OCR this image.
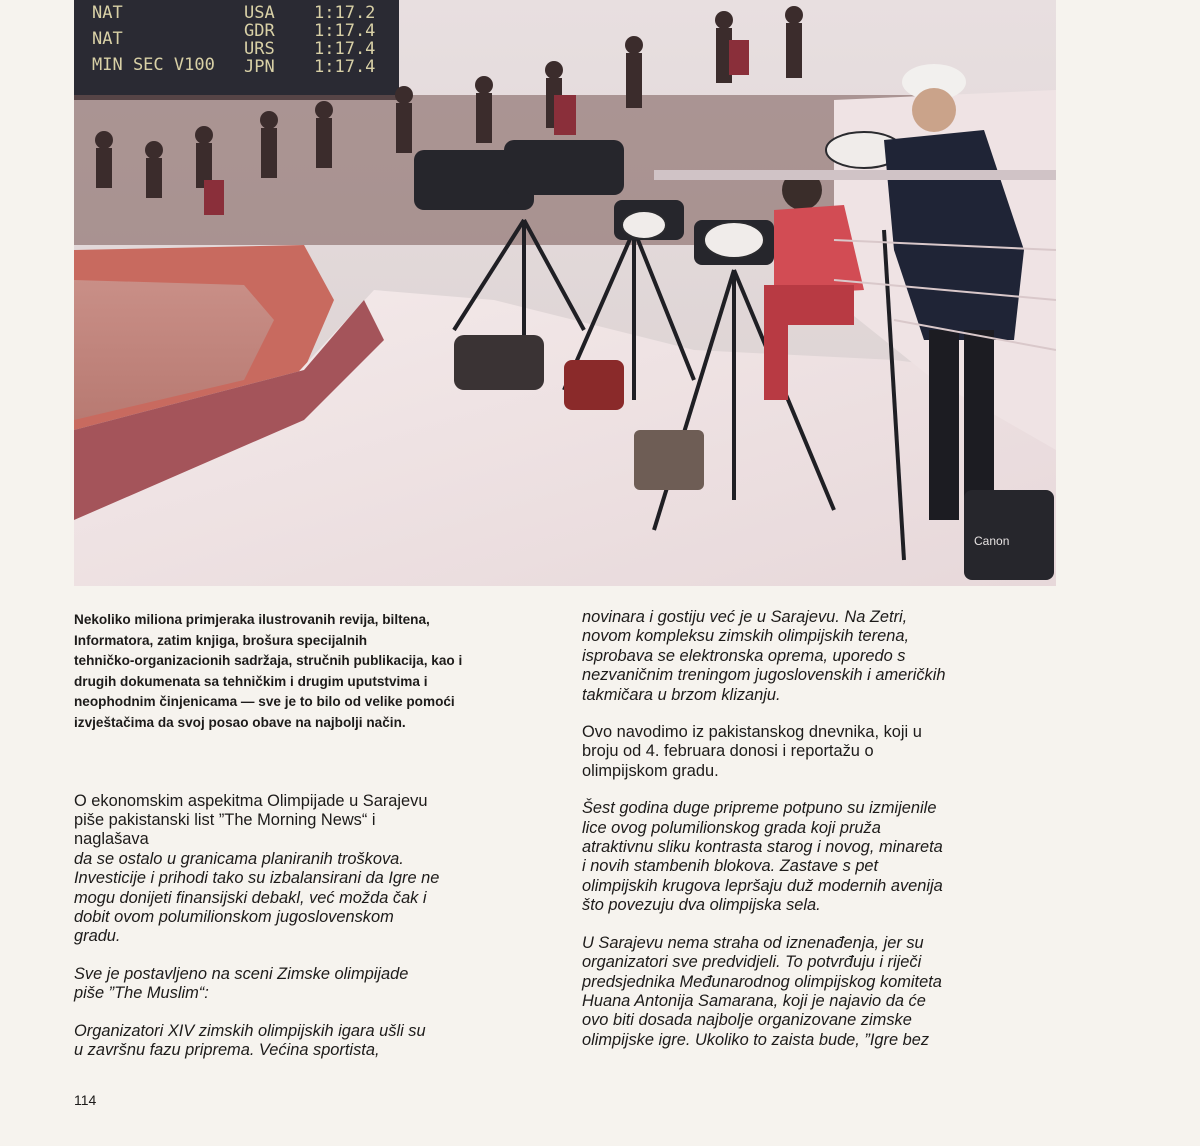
NAT
NAT
MIN SEC V100
USA 1:17.2
GDR 1:17.4
URS 1:17.4
JPN 1:17.4
Canon
Nekoliko miliona primjeraka ilustrovanih revija, biltena,
Informatora, zatim knjiga, brošura specijalnih
tehničko-organizacionih sadržaja, stručnih publikacija, kao i
drugih dokumenata sa tehničkim i drugim uputstvima i
neophodnim činjenicama — sve je to bilo od velike pomoći
izvještačima da svoj posao obave na najbolji način.
O ekonomskim aspekitma Olimpijade u Sarajevu
piše pakistanski list ”The Morning News“ i
naglašava
da se ostalo u granicama planiranih troškova.
Investicije i prihodi tako su izbalansirani da Igre ne
mogu donijeti finansijski debakl, već možda čak i
dobit ovom polumilionskom jugoslovenskom
gradu.
Sve je postavljeno na sceni Zimske olimpijade
piše ”The Muslim“:
Organizatori XIV zimskih olimpijskih igara ušli su
u završnu fazu priprema. Većina sportista,
novinara i gostiju već je u Sarajevu. Na Zetri,
novom kompleksu zimskih olimpijskih terena,
isprobava se elektronska oprema, uporedo s
nezvaničnim treningom jugoslovenskih i američkih
takmičara u brzom klizanju.
Ovo navodimo iz pakistanskog dnevnika, koji u
broju od 4. februara donosi i reportažu o
olimpijskom gradu.
Šest godina duge pripreme potpuno su izmijenile
lice ovog polumilionskog grada koji pruža
atraktivnu sliku kontrasta starog i novog, minareta
i novih stambenih blokova. Zastave s pet
olimpijskih krugova lepršaju duž modernih avenija
što povezuju dva olimpijska sela.
U Sarajevu nema straha od iznenađenja, jer su
organizatori sve predvidjeli. To potvrđuju i riječi
predsjednika Međunarodnog olimpijskog komiteta
Huana Antonija Samarana, koji je najavio da će
ovo biti dosada najbolje organizovane zimske
olimpijske igre. Ukoliko to zaista bude, ”Igre bez
114
